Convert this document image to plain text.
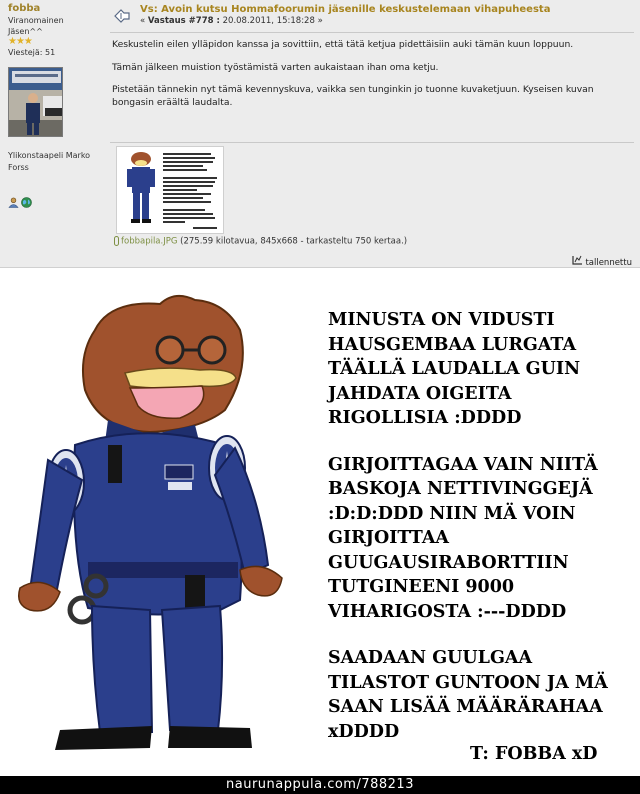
fobba
Viranomainen
Jäsen^^
★★★
Viestejä: 51
Ylikonstaapeli Marko Forss
Vs: Avoin kutsu Hommafoorumin jäsenille keskustelemaan vihapuheesta
« Vastaus #778 : 20.08.2011, 15:18:28 »

Keskustelin eilen ylläpidon kanssa ja sovittiin, että tätä ketjua pidettäisiin auki tämän kuun loppuun.

Tämän jälkeen muistion työstämistä varten aukaistaan ihan oma ketju.

Pistetään tännekin nyt tämä kevennyskuva, vaikka sen tunginkin jo tuonne kuvaketjuun. Kyseisen kuvan bongasin eräältä laudalta.

fobbapila.JPG (275.59 kilotavua, 845x668 - tarkasteltu 750 kertaa.)
tallennettu
MINUSTA ON VIDUSTI
HAUSGEMBAA LURGATA
TÄÄLLÄ LAUDALLA GUIN
JAHDATA OIGEITA
RIGOLLISIA :DDDD
GIRJOITTAGAA VAIN NIITÄ
BASKOJA NETTIVINGGEJÄ
:D:D:DDD NIIN MÄ VOIN
GIRJOITTAA
GUUGAUSIRABORTTIIN
TUTGINEENI 9000
VIHARIGOSTA :---DDDD
SAADAAN GUULGAA
TILASTOT GUNTOON JA MÄ
SAAN LISÄÄ MÄÄRÄRAHAA
xDDDD
T: FOBBA xD
naurunappula.com/788213
